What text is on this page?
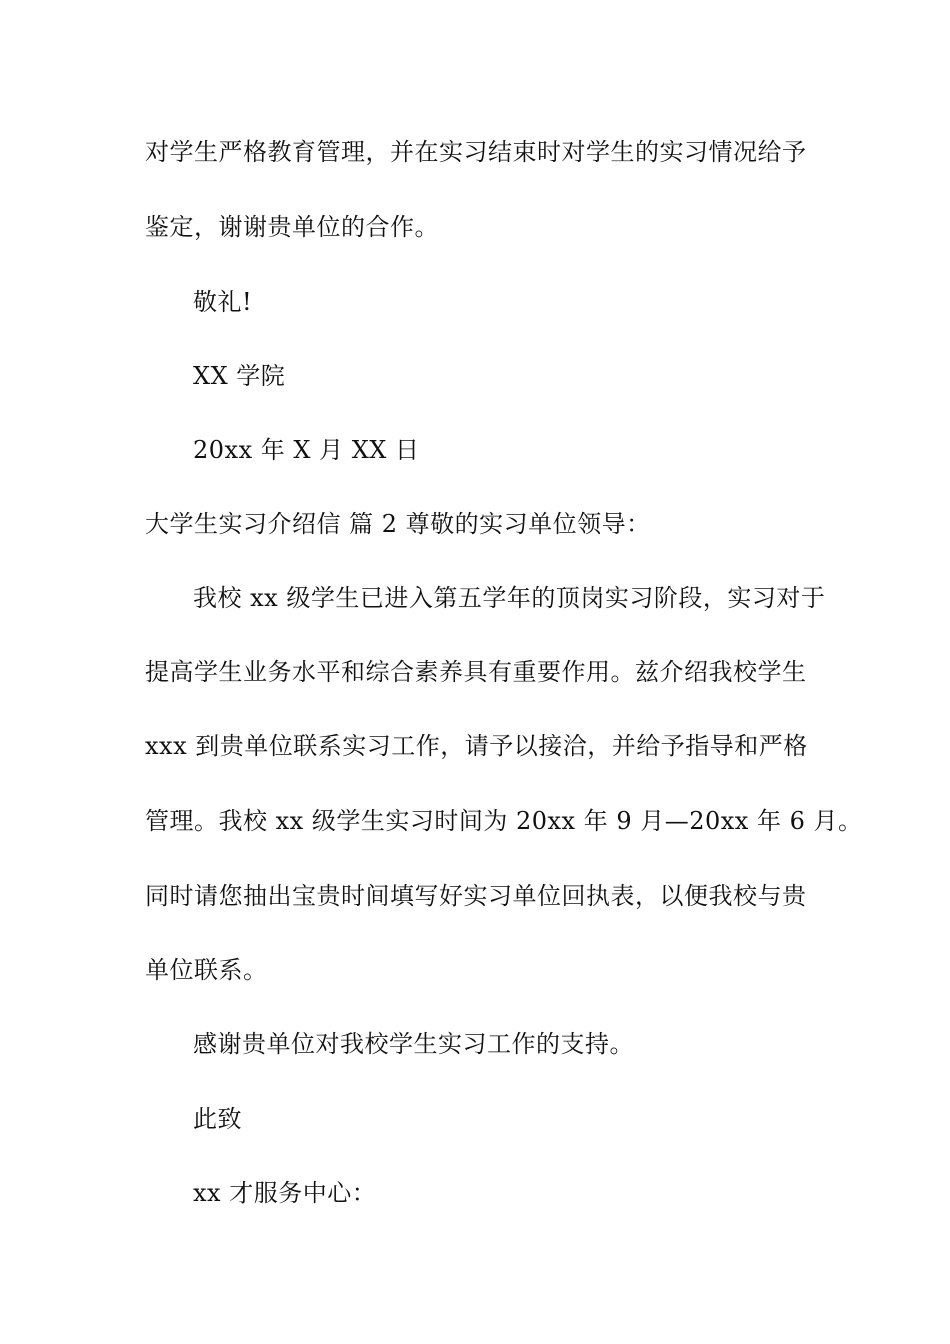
对学生严格教育管理，并在实习结束时对学生的实习情况给予
鉴定，谢谢贵单位的合作。
敬礼!
XX 学院
20xx 年 X 月 XX 日
大学生实习介绍信 篇 2 尊敬的实习单位领导：
我校 xx 级学生已进入第五学年的顶岗实习阶段，实习对于
提高学生业务水平和综合素养具有重要作用。兹介绍我校学生
xxx 到贵单位联系实习工作，请予以接洽，并给予指导和严格
管理。我校 xx 级学生实习时间为 20xx 年 9 月—20xx 年 6 月。
同时请您抽出宝贵时间填写好实习单位回执表，以便我校与贵
单位联系。
感谢贵单位对我校学生实习工作的支持。
此致
xx 才服务中心：
